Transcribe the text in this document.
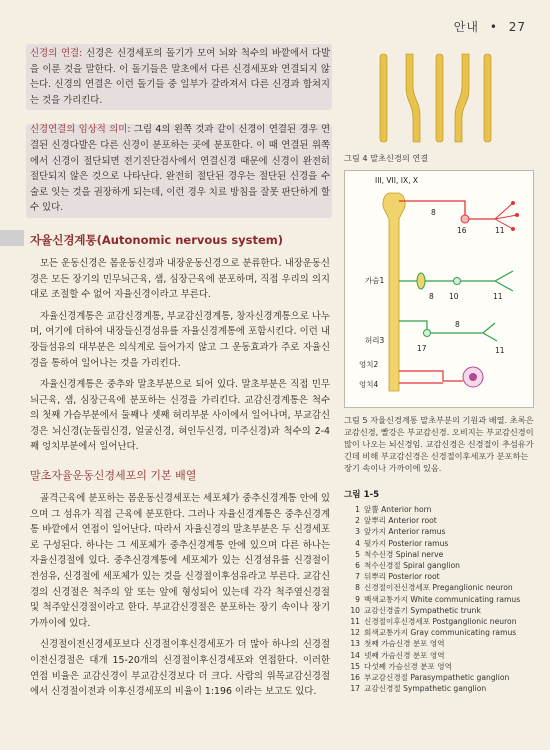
안내 • 27

신경의 연결: 신경은 신경세포의 돌기가 모여 뇌와 척수의 바깥에서 다발을 이룬 것을 말한다. 이 돌기들은 말초에서 다른 신경세포와 연결되지 않는다. 신경의 연결은 이런 돌기들 중 일부가 갈라져서 다른 신경과 합쳐지는 것을 가리킨다.

신경연결의 임상적 의미: 그림 4의 왼쪽 것과 같이 신경이 연결된 경우 연결된 신경다발은 다른 신경이 분포하는 곳에 분포한다. 이 때 연결된 위쪽에서 신경이 절단되면 전기진단검사에서 연결신경 때문에 신경이 완전히 절단되지 않은 것으로 나타난다. 완전히 절단된 경우는 절단된 신경을 수술로 잇는 것을 권장하게 되는데, 이런 경우 치료 방침을 잘못 판단하게 할 수 있다.

자율신경계통(Autonomic nervous system)

모든 운동신경은 몸운동신경과 내장운동신경으로 분류한다. 내장운동신경은 모든 장기의 민무늬근육, 샘, 심장근육에 분포하며, 직접 우리의 의지대로 조절할 수 없어 자율신경이라고 부른다.

자율신경계통은 교감신경계통, 부교감신경계통, 창자신경계통으로 나누며, 여기에 더하여 내장들신경섬유를 자율신경계통에 포함시킨다. 이런 내장들섬유의 대부분은 의식계로 들어가지 않고 그 운동효과가 주로 자율신경을 통하여 일어나는 것을 가리킨다.

자율신경계통은 중추와 말초부분으로 되어 있다. 말초부분은 직접 민무늬근육, 샘, 심장근육에 분포하는 신경을 가리킨다. 교감신경계통은 척수의 첫째 가슴부분에서 둘째나 셋째 허리부분 사이에서 일어나며, 부교감신경은 뇌신경(눈돌림신경, 얼굴신경, 혀인두신경, 미주신경)과 척수의 2-4째 엉치부분에서 일어난다.

말초자율운동신경세포의 기본 배열

골격근육에 분포하는 몸운동신경세포는 세포체가 중추신경계통 안에 있으며 그 섬유가 직접 근육에 분포한다. 그러나 자율신경계통은 중추신경계통 바깥에서 연접이 일어난다. 따라서 자율신경의 말초부분은 두 신경세포로 구성된다. 하나는 그 세포체가 중추신경계통 안에 있으며 다른 하나는 자율신경절에 있다. 중추신경계통에 세포체가 있는 신경섬유를 신경절이전섬유, 신경절에 세포체가 있는 것을 신경절이후섬유라고 부른다. 교감신경의 신경절은 척주의 앞 또는 앞에 형성되어 있는데 각각 척주옆신경절 및 척주앞신경절이라고 한다. 부교감신경절은 분포하는 장기 속이나 장기 가까이에 있다.

신경절이전신경세포보다 신경절이후신경세포가 더 많아 하나의 신경절이전신경절은 대개 15-20개의 신경절이후신경세포와 연접한다. 이러한 연접 비율은 교감신경이 부교감신경보다 더 크다. 사람의 위목교감신경절에서 신경절이전과 이후신경세포의 비율이 1:196 이라는 보고도 있다.

그림 4 말초신경의 연결
III, VII, IX, X
8
16	11
가슴1
8 10	11
허리3
17
8
11
엉치2
엉치4
그림 5 자율신경계통 말초부분의 기원과 배열. 초록은 교감신경, 빨강은 부교감신경. 오비지는 부교감신경이 많이 나오는 뇌신경임. 교감신경은 신경절이 추섬유가 긴데 비해 부교감신경은 신경절이후세포가 분포하는 장기 속이나 가까이에 있음.
그림 1-5
1 앞뿔 Anterior horn
2 앞뿌리 Anterior root
3 앞가지 Anterior ramus
4 뒷가지 Posterior ramus
5 척수신경 Spinal nerve
6 척수신경절 Spiral ganglion
7 뒤뿌리 Posterior root
8 신경절이전신경세포 Preganglionic neuron
9 백색교통가지 White communicating ramus
10 교감신경줄기 Sympathetic trunk
11 신경절이후신경세포 Postganglionic neuron
12 회색교통가지 Gray communicating ramus
13 첫째 가슴신경 분포 영역
14 넷째 가슴신경 분포 영역
15 다섯째 가슴신경 분포 영역
16 부교감신경절 Parasympathetic ganglion
17 교감신경절 Sympathetic ganglion
